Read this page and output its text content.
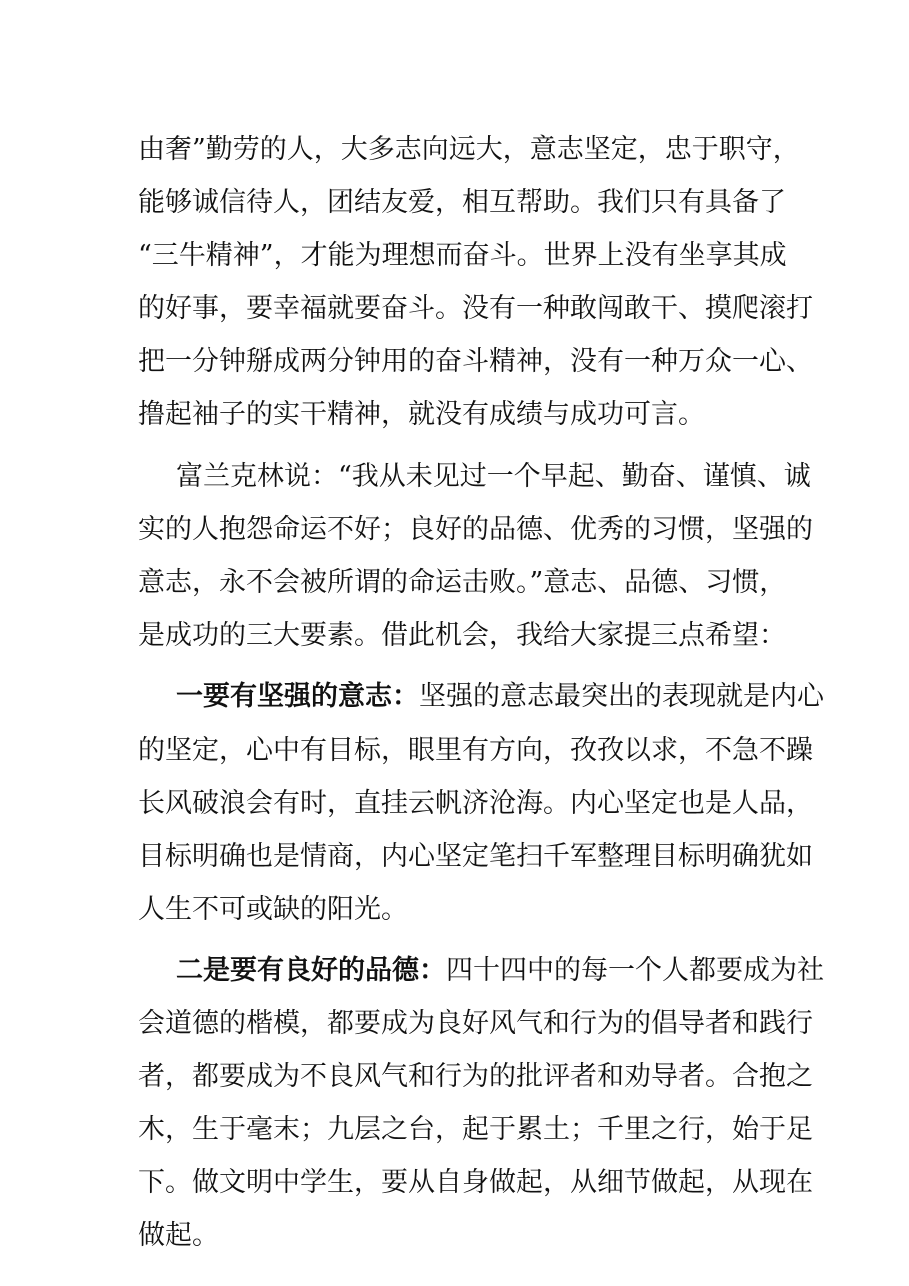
由奢”勤劳的人，大多志向远大，意志坚定，忠于职守，
能够诚信待人，团结友爱，相互帮助。我们只有具备了
“三牛精神”，才能为理想而奋斗。世界上没有坐享其成
的好事，要幸福就要奋斗。没有一种敢闯敢干、摸爬滚打
把一分钟掰成两分钟用的奋斗精神，没有一种万众一心、
撸起袖子的实干精神，就没有成绩与成功可言。
富兰克林说：“我从未见过一个早起、勤奋、谨慎、诚
实的人抱怨命运不好；良好的品德、优秀的习惯，坚强的
意志，永不会被所谓的命运击败。”意志、品德、习惯，
是成功的三大要素。借此机会，我给大家提三点希望：
一要有坚强的意志：坚强的意志最突出的表现就是内心
的坚定，心中有目标，眼里有方向，孜孜以求，不急不躁
长风破浪会有时，直挂云帆济沧海。内心坚定也是人品，
目标明确也是情商，内心坚定笔扫千军整理目标明确犹如
人生不可或缺的阳光。
二是要有良好的品德：四十四中的每一个人都要成为社
会道德的楷模，都要成为良好风气和行为的倡导者和践行
者，都要成为不良风气和行为的批评者和劝导者。合抱之
木，生于毫末；九层之台，起于累土；千里之行，始于足
下。做文明中学生，要从自身做起，从细节做起，从现在
做起。
